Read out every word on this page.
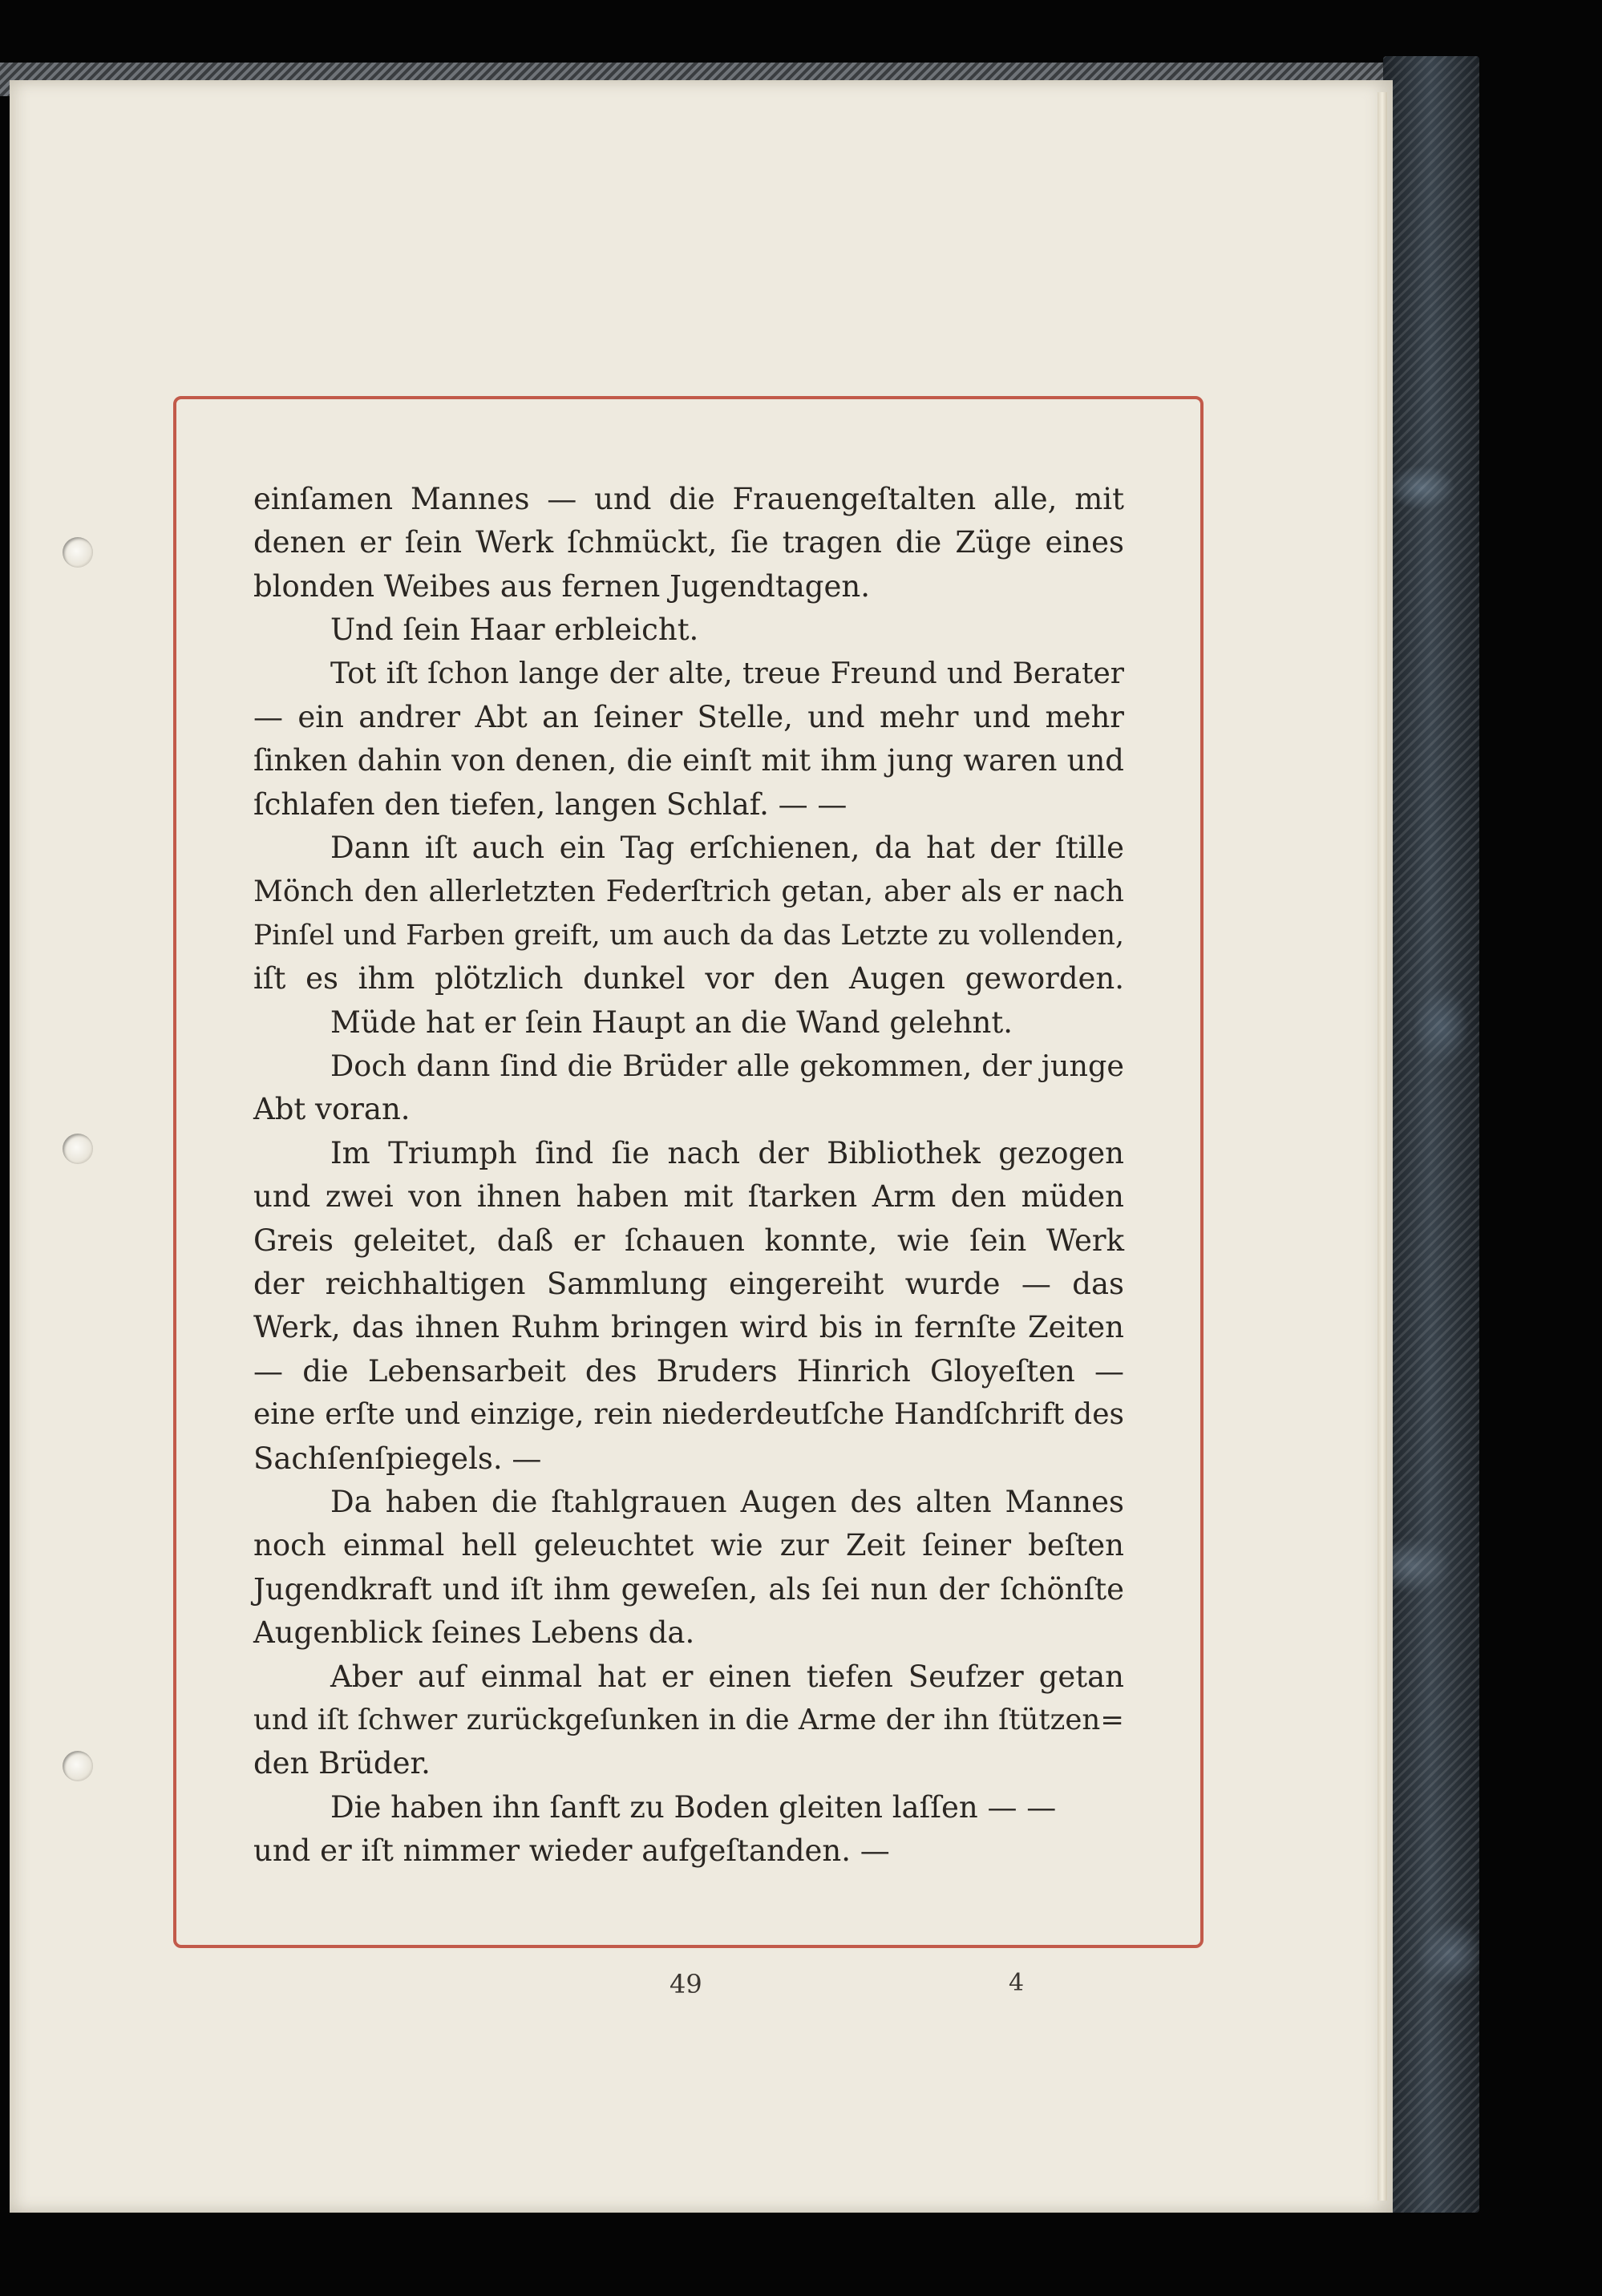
einſamen Mannes — und die Frauengeſtalten alle, mit
denen er ſein Werk ſchmückt, ſie tragen die Züge eines
blonden Weibes aus fernen Jugendtagen.
Und ſein Haar erbleicht.
Tot iſt ſchon lange der alte, treue Freund und Berater
— ein andrer Abt an ſeiner Stelle, und mehr und mehr
ſinken dahin von denen, die einſt mit ihm jung waren und
ſchlafen den tiefen, langen Schlaf. — —
Dann iſt auch ein Tag erſchienen, da hat der ſtille
Mönch den allerletzten Federſtrich getan, aber als er nach
Pinſel und Farben greift, um auch da das Letzte zu vollenden,
iſt es ihm plötzlich dunkel vor den Augen geworden.
Müde hat er ſein Haupt an die Wand gelehnt.
Doch dann ſind die Brüder alle gekommen, der junge
Abt voran.
Im Triumph ſind ſie nach der Bibliothek gezogen
und zwei von ihnen haben mit ſtarken Arm den müden
Greis geleitet, daß er ſchauen konnte, wie ſein Werk
der reichhaltigen Sammlung eingereiht wurde — das
Werk, das ihnen Ruhm bringen wird bis in fernſte Zeiten
— die Lebensarbeit des Bruders Hinrich Gloyeſten —
eine erſte und einzige, rein niederdeutſche Handſchrift des
Sachſenſpiegels. —
Da haben die ſtahlgrauen Augen des alten Mannes
noch einmal hell geleuchtet wie zur Zeit ſeiner beſten
Jugendkraft und iſt ihm geweſen, als ſei nun der ſchönſte
Augenblick ſeines Lebens da.
Aber auf einmal hat er einen tiefen Seufzer getan
und iſt ſchwer zurückgeſunken in die Arme der ihn ſtützen=
den Brüder.
Die haben ihn ſanft zu Boden gleiten laſſen — —
und er iſt nimmer wieder aufgeſtanden. —
49	4
